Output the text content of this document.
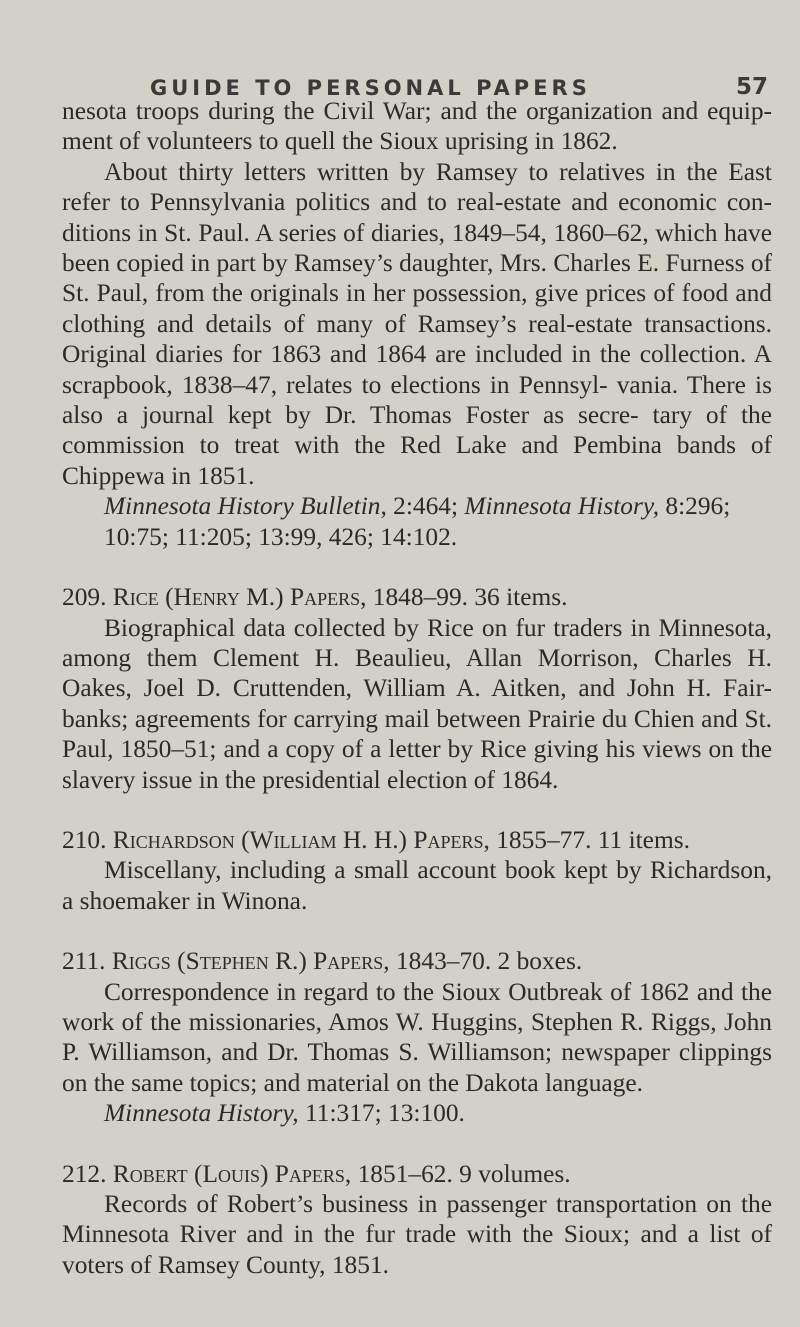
GUIDE TO PERSONAL PAPERS	57

nesota troops during the Civil War; and the organization and equip- ment of volunteers to quell the Sioux uprising in 1862.

About thirty letters written by Ramsey to relatives in the East refer to Pennsylvania politics and to real-estate and economic con- ditions in St. Paul. A series of diaries, 1849–54, 1860–62, which have been copied in part by Ramsey’s daughter, Mrs. Charles E. Furness of St. Paul, from the originals in her possession, give prices of food and clothing and details of many of Ramsey’s real-estate transactions. Original diaries for 1863 and 1864 are included in the collection. A scrapbook, 1838–47, relates to elections in Pennsyl- vania. There is also a journal kept by Dr. Thomas Foster as secre- tary of the commission to treat with the Red Lake and Pembina bands of Chippewa in 1851.

Minnesota History Bulletin, 2:464; Minnesota History, 8:296; 10:75; 11:205; 13:99, 426; 14:102.

209. Rice (Henry M.) Papers, 1848–99. 36 items.

Biographical data collected by Rice on fur traders in Minnesota, among them Clement H. Beaulieu, Allan Morrison, Charles H. Oakes, Joel D. Cruttenden, William A. Aitken, and John H. Fair- banks; agreements for carrying mail between Prairie du Chien and St. Paul, 1850–51; and a copy of a letter by Rice giving his views on the slavery issue in the presidential election of 1864.

210. Richardson (William H. H.) Papers, 1855–77. 11 items.

Miscellany, including a small account book kept by Richardson, a shoemaker in Winona.

211. Riggs (Stephen R.) Papers, 1843–70. 2 boxes.

Correspondence in regard to the Sioux Outbreak of 1862 and the work of the missionaries, Amos W. Huggins, Stephen R. Riggs, John P. Williamson, and Dr. Thomas S. Williamson; newspaper clippings on the same topics; and material on the Dakota language.

Minnesota History, 11:317; 13:100.

212. Robert (Louis) Papers, 1851–62. 9 volumes.

Records of Robert’s business in passenger transportation on the Minnesota River and in the fur trade with the Sioux; and a list of voters of Ramsey County, 1851.
